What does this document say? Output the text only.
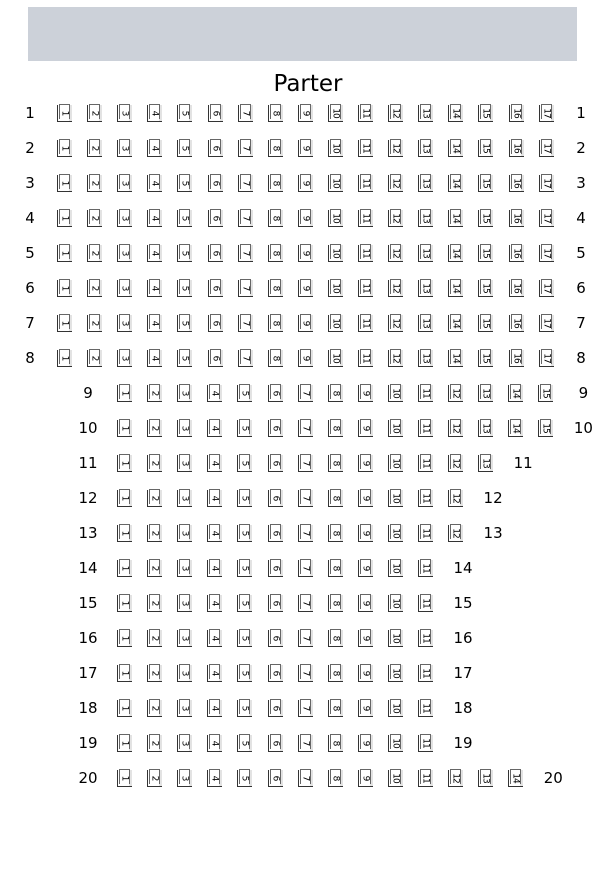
Parter
1	1 2 3 4 5 6 7 8 9 10 11 12 13 14 15 16 17	1
2	1 2 3 4 5 6 7 8 9 10 11 12 13 14 15 16 17	2
3	1 2 3 4 5 6 7 8 9 10 11 12 13 14 15 16 17	3
4	1 2 3 4 5 6 7 8 9 10 11 12 13 14 15 16 17	4
5	1 2 3 4 5 6 7 8 9 10 11 12 13 14 15 16 17	5
6	1 2 3 4 5 6 7 8 9 10 11 12 13 14 15 16 17	6
7	1 2 3 4 5 6 7 8 9 10 11 12 13 14 15 16 17	7
8	1 2 3 4 5 6 7 8 9 10 11 12 13 14 15 16 17	8
9	1 2 3 4 5 6 7 8 9 10 11 12 13 14 15	9
10	1 2 3 4 5 6 7 8 9 10 11 12 13 14 15	10
11	1 2 3 4 5 6 7 8 9 10 11 12 13	11
12	1 2 3 4 5 6 7 8 9 10 11 12	12
13	1 2 3 4 5 6 7 8 9 10 11 12	13
14	1 2 3 4 5 6 7 8 9 10 11	14
15	1 2 3 4 5 6 7 8 9 10 11	15
16	1 2 3 4 5 6 7 8 9 10 11	16
17	1 2 3 4 5 6 7 8 9 10 11	17
18	1 2 3 4 5 6 7 8 9 10 11	18
19	1 2 3 4 5 6 7 8 9 10 11	19
20	1 2 3 4 5 6 7 8 9 10 11 12 13 14	20
